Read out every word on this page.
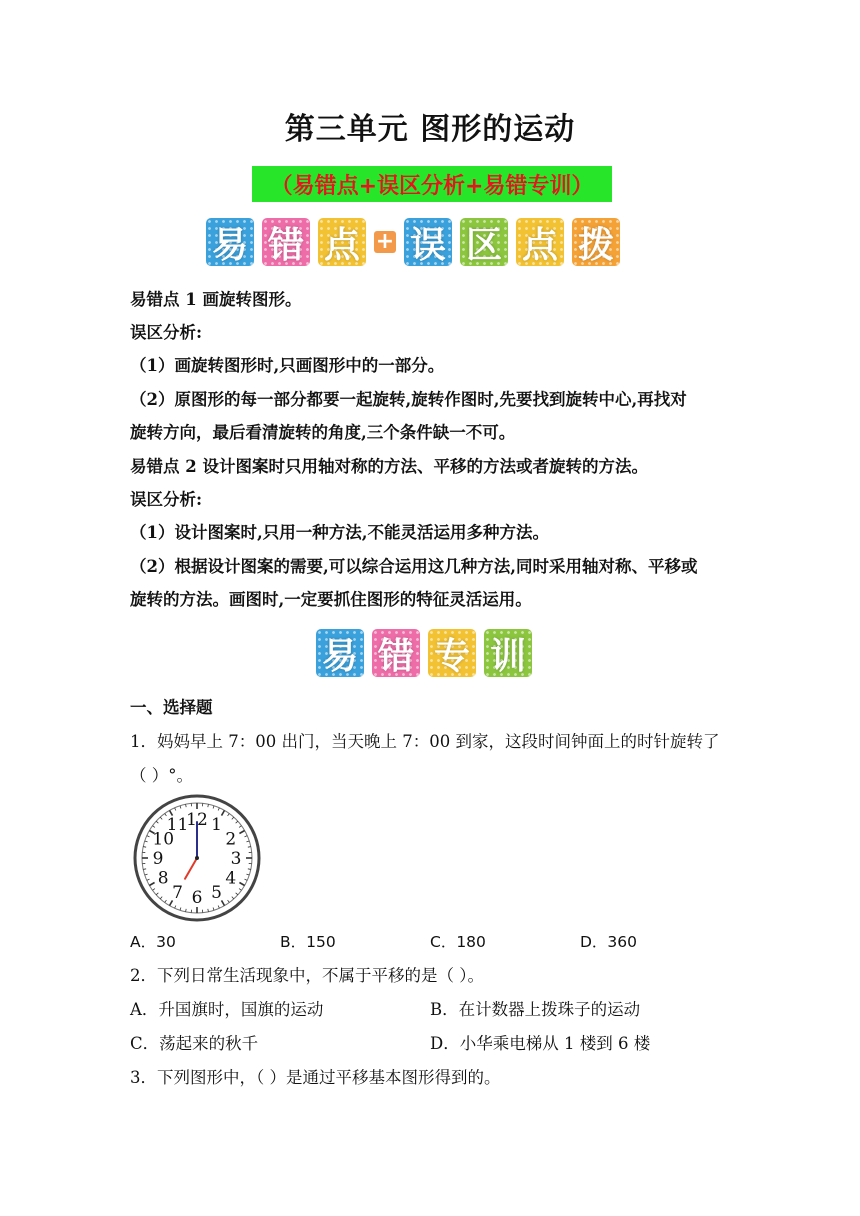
第三单元 图形的运动
（易错点+误区分析+易错专训）
易 错 点 + 误 区 点 拨
易错点 1 画旋转图形。
误区分析:
（1）画旋转图形时,只画图形中的一部分。
（2）原图形的每一部分都要一起旋转,旋转作图时,先要找到旋转中心,再找对
旋转方向，最后看清旋转的角度,三个条件缺一不可。
易错点 2 设计图案时只用轴对称的方法、平移的方法或者旋转的方法。
误区分析:
（1）设计图案时,只用一种方法,不能灵活运用多种方法。
（2）根据设计图案的需要,可以综合运用这几种方法,同时采用轴对称、平移或
旋转的方法。画图时,一定要抓住图形的特征灵活运用。
易 错 专 训
一、选择题
1．妈妈早上 7：00 出门，当天晚上 7：00 到家，这段时间钟面上的时针旋转了
（ ）°。
12 1
2
3
4
5
6
7
8
9
10
11
A．30	B．150	C．180	D．360
2．下列日常生活现象中，不属于平移的是（ ）。
A．升国旗时，国旗的运动	B．在计数器上拨珠子的运动
C．荡起来的秋千	D．小华乘电梯从 1 楼到 6 楼
3．下列图形中，（ ）是通过平移基本图形得到的。
